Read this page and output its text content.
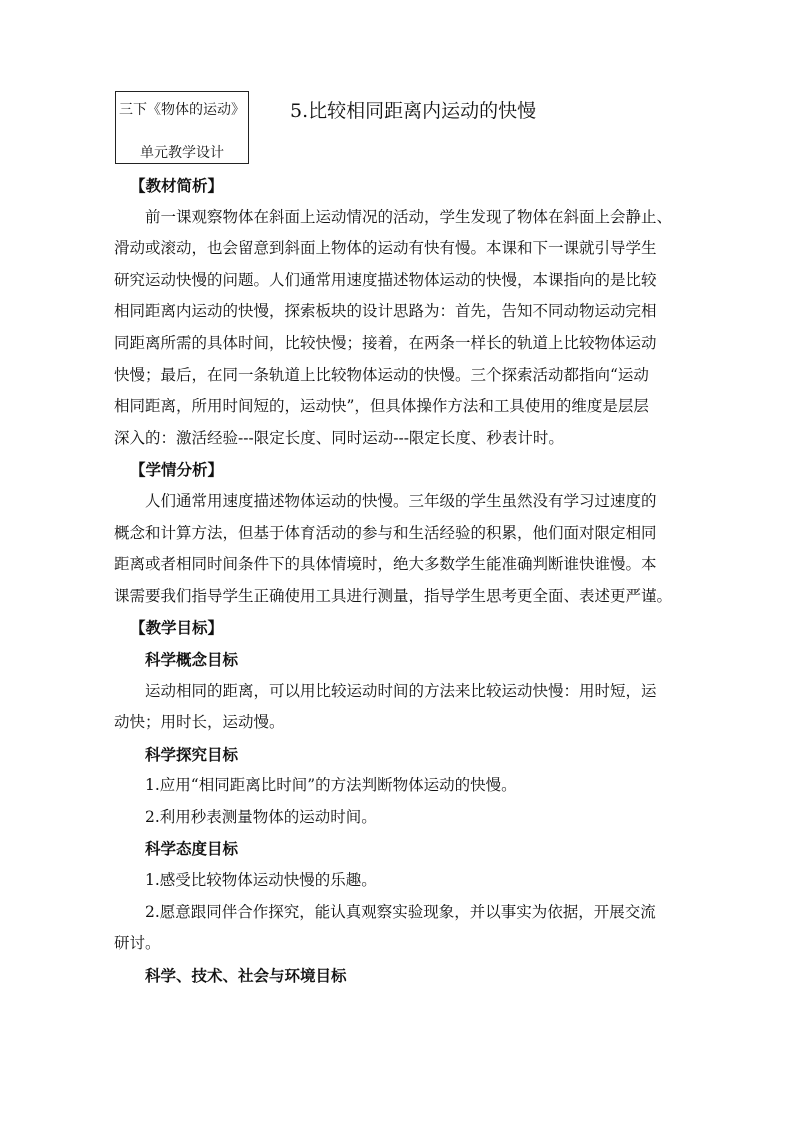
三下《物体的运动》
单元教学设计
5.比较相同距离内运动的快慢

【教材简析】

前一课观察物体在斜面上运动情况的活动，学生发现了物体在斜面上会静止、

滑动或滚动，也会留意到斜面上物体的运动有快有慢。本课和下一课就引导学生

研究运动快慢的问题。人们通常用速度描述物体运动的快慢，本课指向的是比较

相同距离内运动的快慢，探索板块的设计思路为：首先，告知不同动物运动完相

同距离所需的具体时间，比较快慢；接着，在两条一样长的轨道上比较物体运动

快慢；最后，在同一条轨道上比较物体运动的快慢。三个探索活动都指向“运动

相同距离，所用时间短的，运动快”，但具体操作方法和工具使用的维度是层层

深入的：激活经验---限定长度、同时运动---限定长度、秒表计时。

【学情分析】

人们通常用速度描述物体运动的快慢。三年级的学生虽然没有学习过速度的

概念和计算方法，但基于体育活动的参与和生活经验的积累，他们面对限定相同

距离或者相同时间条件下的具体情境时，绝大多数学生能准确判断谁快谁慢。本

课需要我们指导学生正确使用工具进行测量，指导学生思考更全面、表述更严谨。

【教学目标】

科学概念目标

运动相同的距离，可以用比较运动时间的方法来比较运动快慢：用时短，运

动快；用时长，运动慢。

科学探究目标

1.应用“相同距离比时间”的方法判断物体运动的快慢。

2.利用秒表测量物体的运动时间。

科学态度目标

1.感受比较物体运动快慢的乐趣。

2.愿意跟同伴合作探究，能认真观察实验现象，并以事实为依据，开展交流

研讨。

科学、技术、社会与环境目标
